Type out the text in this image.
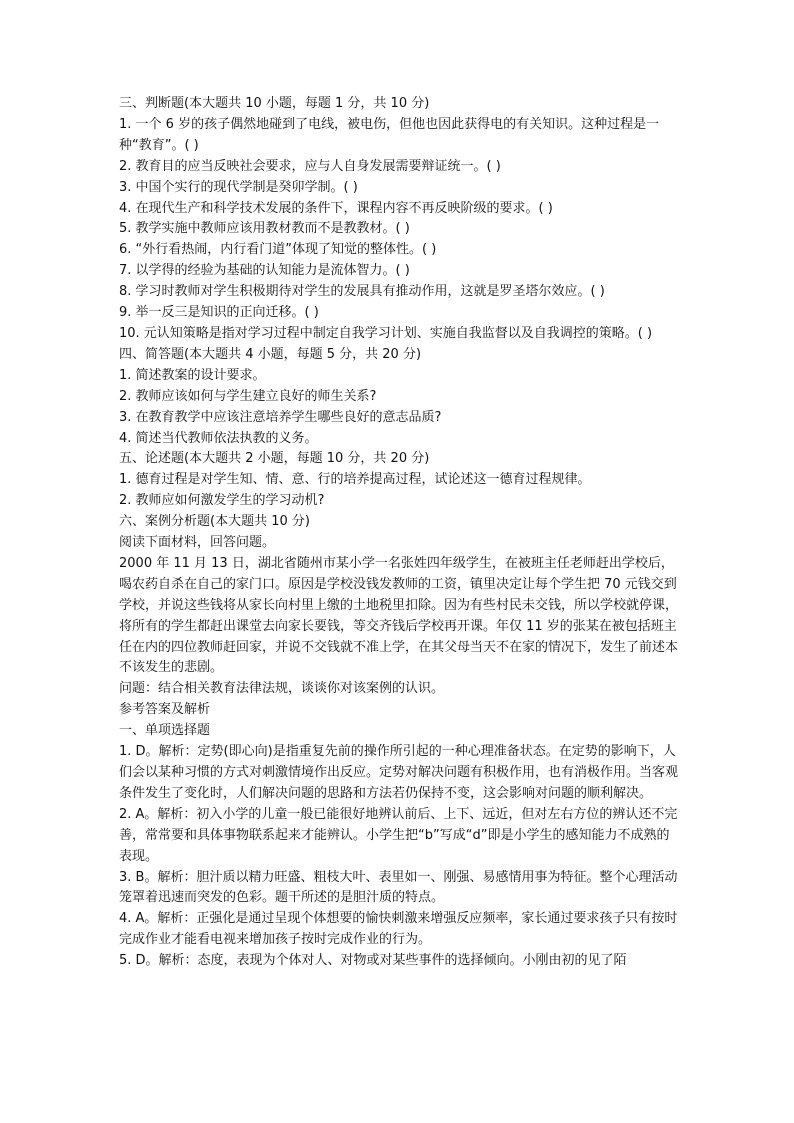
三、判断题(本大题共 10 小题，每题 1 分，共 10 分)

1. 一个 6 岁的孩子偶然地碰到了电线，被电伤，但他也因此获得电的有关知识。这种过程是一种“教育”。( )

2. 教育目的应当反映社会要求，应与人自身发展需要辩证统一。( )

3. 中国个实行的现代学制是癸卯学制。( )

4. 在现代生产和科学技术发展的条件下，课程内容不再反映阶级的要求。( )

5. 教学实施中教师应该用教材教而不是教教材。( )

6. “外行看热闹，内行看门道”体现了知觉的整体性。( )

7. 以学得的经验为基础的认知能力是流体智力。( )

8. 学习时教师对学生积极期待对学生的发展具有推动作用，这就是罗圣塔尔效应。( )

9. 举一反三是知识的正向迁移。( )

10. 元认知策略是指对学习过程中制定自我学习计划、实施自我监督以及自我调控的策略。( )

四、简答题(本大题共 4 小题，每题 5 分，共 20 分)

1. 简述教案的设计要求。

2. 教师应该如何与学生建立良好的师生关系?

3. 在教育教学中应该注意培养学生哪些良好的意志品质?

4. 简述当代教师依法执教的义务。

五、论述题(本大题共 2 小题，每题 10 分，共 20 分)

1. 德育过程是对学生知、情、意、行的培养提高过程，试论述这一德育过程规律。

2. 教师应如何激发学生的学习动机?

六、案例分析题(本大题共 10 分)

阅读下面材料，回答问题。

2000 年 11 月 13 日，湖北省随州市某小学一名张姓四年级学生，在被班主任老师赶出学校后，喝农药自杀在自己的家门口。原因是学校没钱发教师的工资，镇里决定让每个学生把 70 元钱交到学校，并说这些钱将从家长向村里上缴的土地税里扣除。因为有些村民未交钱，所以学校就停课，将所有的学生都赶出课堂去向家长要钱，等交齐钱后学校再开课。年仅 11 岁的张某在被包括班主任在内的四位教师赶回家，并说不交钱就不准上学，在其父母当天不在家的情况下，发生了前述本不该发生的悲剧。

问题：结合相关教育法律法规，谈谈你对该案例的认识。

参考答案及解析

一、单项选择题

1. D。解析：定势(即心向)是指重复先前的操作所引起的一种心理准备状态。在定势的影响下，人们会以某种习惯的方式对刺激情境作出反应。定势对解决问题有积极作用，也有消极作用。当客观条件发生了变化时，人们解决问题的思路和方法若仍保持不变，这会影响对问题的顺利解决。

2. A。解析：初入小学的儿童一般已能很好地辨认前后、上下、远近，但对左右方位的辨认还不完善，常常要和具体事物联系起来才能辨认。小学生把“b”写成“d”即是小学生的感知能力不成熟的表现。

3. B。解析：胆汁质以精力旺盛、粗枝大叶、表里如一、刚强、易感情用事为特征。整个心理活动笼罩着迅速而突发的色彩。题干所述的是胆汁质的特点。

4. A。解析：正强化是通过呈现个体想要的愉快刺激来增强反应频率，家长通过要求孩子只有按时完成作业才能看电视来增加孩子按时完成作业的行为。

5. D。解析：态度，表现为个体对人、对物或对某些事件的选择倾向。小刚由初的见了陌
